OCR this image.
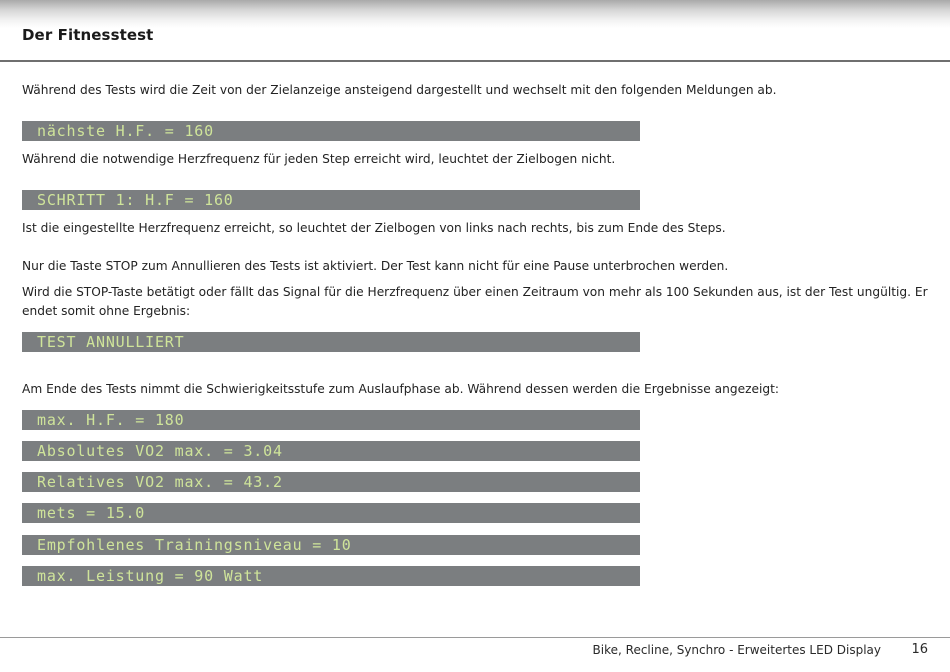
Der Fitnesstest
Während des Tests wird die Zeit von der Zielanzeige ansteigend dargestellt und wechselt mit den folgenden Meldungen ab.
nächste H.F. = 160
Während die notwendige Herzfrequenz für jeden Step erreicht wird, leuchtet der Zielbogen nicht.
SCHRITT 1: H.F = 160
Ist die eingestellte Herzfrequenz erreicht, so leuchtet der Zielbogen von links nach rechts, bis zum Ende des Steps.
Nur die Taste STOP zum Annullieren des Tests ist aktiviert. Der Test kann nicht für eine Pause unterbrochen werden.
Wird die STOP-Taste betätigt oder fällt das Signal für die Herzfrequenz über einen Zeitraum von mehr als 100 Sekunden aus, ist der Test ungültig. Er endet somit ohne Ergebnis:
TEST ANNULLIERT
Am Ende des Tests nimmt die Schwierigkeitsstufe zum Auslaufphase ab. Während dessen werden die Ergebnisse angezeigt:
max. H.F. = 180
Absolutes VO2 max. = 3.04
Relatives VO2 max. = 43.2
mets = 15.0
Empfohlenes Trainingsniveau = 10
max. Leistung = 90 Watt
Bike, Recline, Synchro - Erweitertes LED Display 16
